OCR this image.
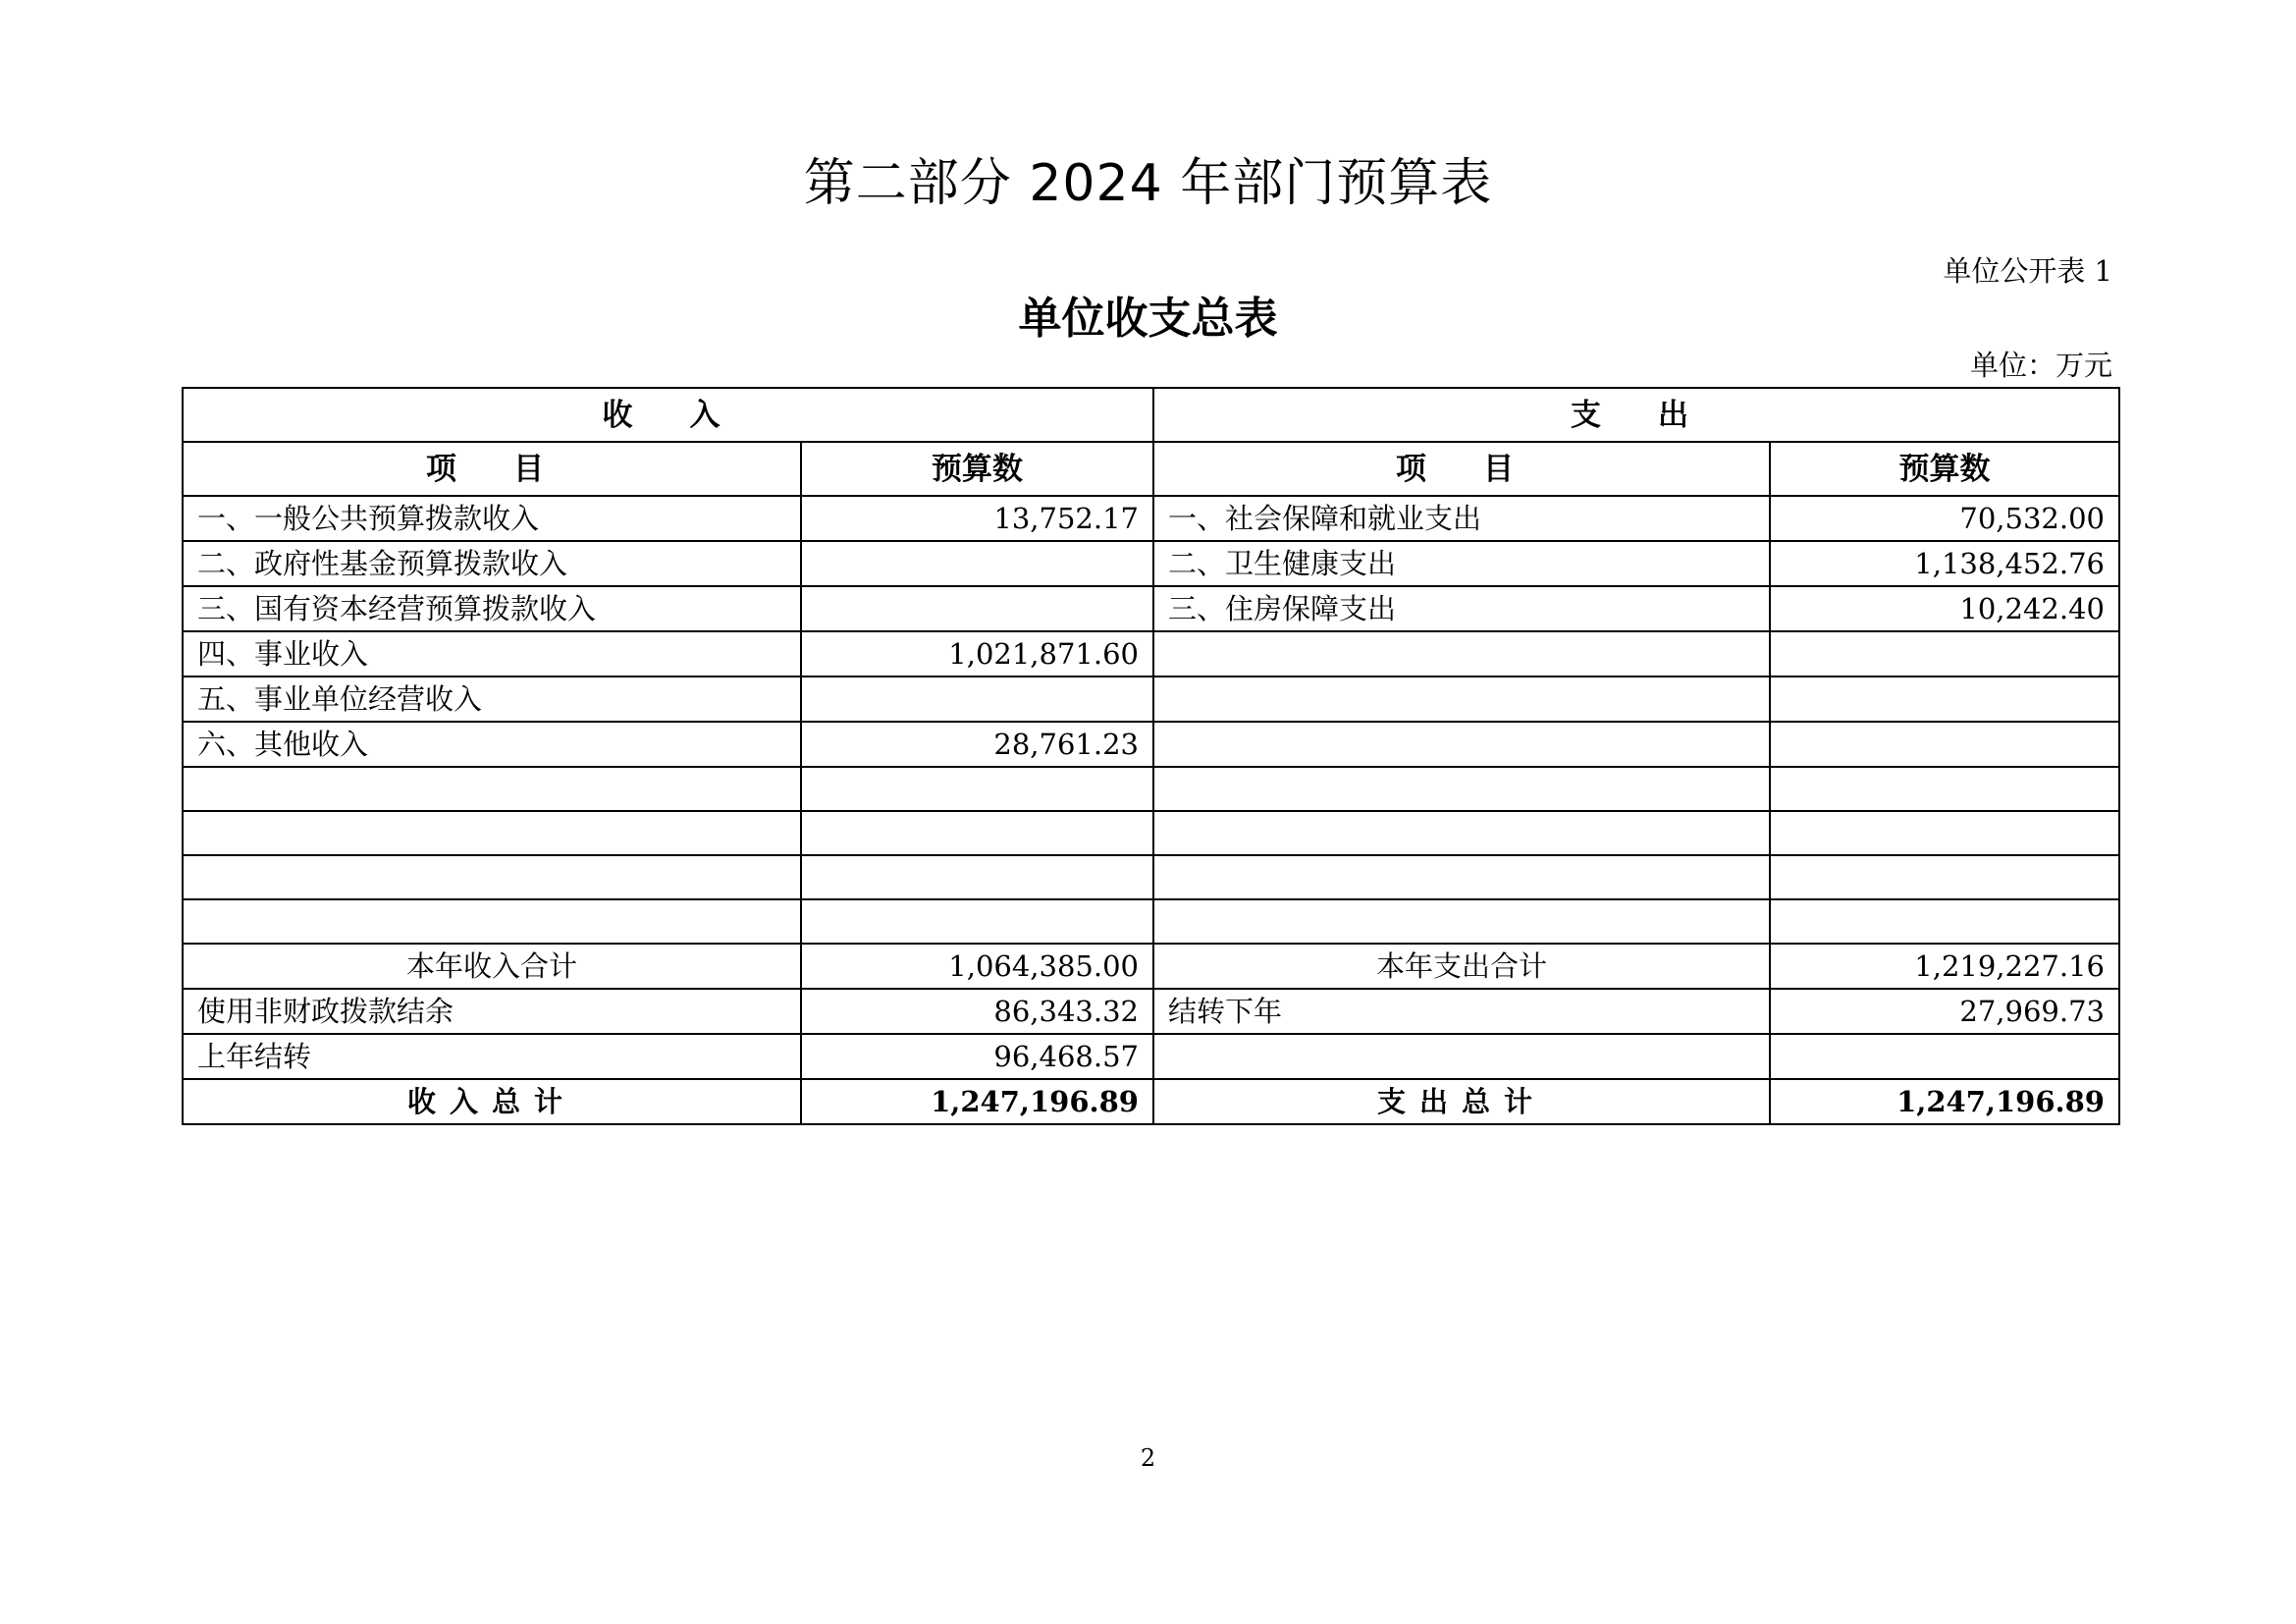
第二部分 2024 年部门预算表
单位公开表 1
单位收支总表
单位：万元
收入		支出	
项目	预算数	项目	预算数
一、一般公共预算拨款收入	13,752.17	一、社会保障和就业支出	70,532.00
二、政府性基金预算拨款收入		二、卫生健康支出	1,138,452.76
三、国有资本经营预算拨款收入		三、住房保障支出	10,242.40
四、事业收入	1,021,871.60		
五、事业单位经营收入			
六、其他收入	28,761.23		

本年收入合计	1,064,385.00	本年支出合计	1,219,227.16
使用非财政拨款结余	86,343.32	结转下年	27,969.73
上年结转	96,468.57		
收入总计	1,247,196.89	支出总计	1,247,196.89
2
